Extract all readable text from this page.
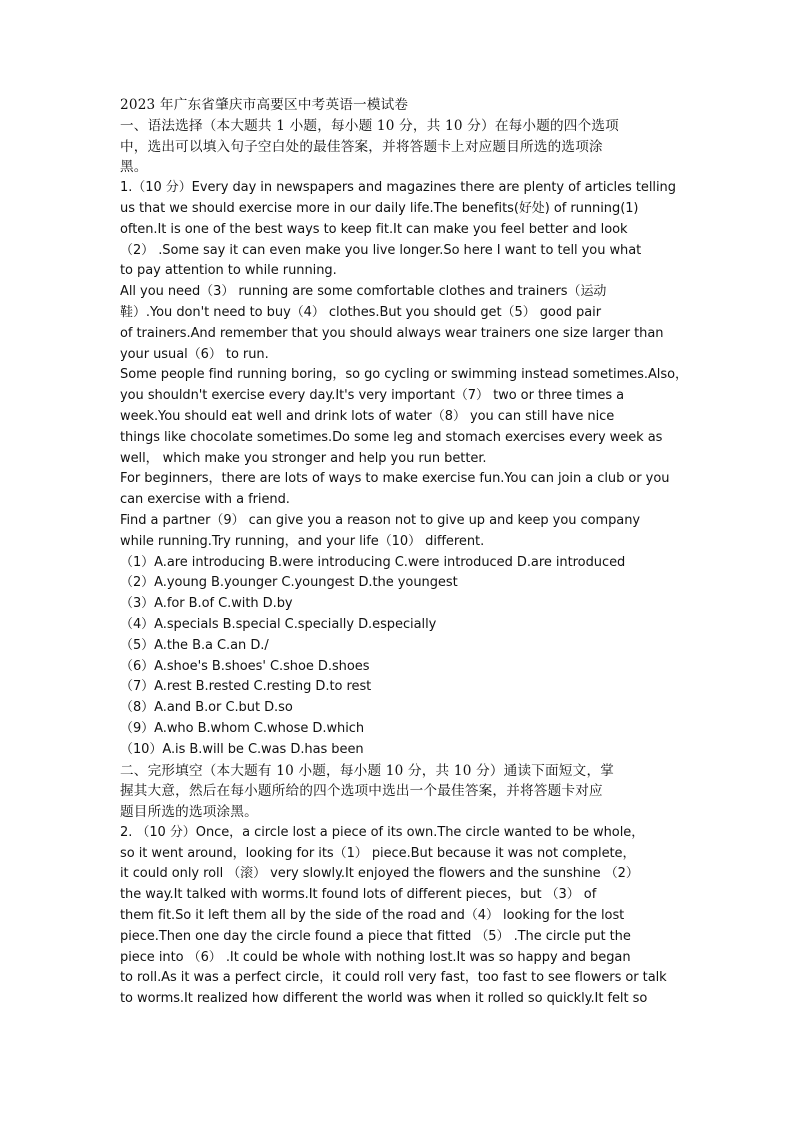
2023 年广东省肇庆市高要区中考英语一模试卷
一、语法选择（本大题共 1 小题，每小题 10 分，共 10 分）在每小题的四个选项
中，选出可以填入句子空白处的最佳答案，并将答题卡上对应题目所选的选项涂
黑。
1.（10 分）Every day in newspapers and magazines there are plenty of articles telling
us that we should exercise more in our daily life.The benefits(好处) of running(1)
often.It is one of the best ways to keep fit.It can make you feel better and look
（2） .Some say it can even make you live longer.So here I want to tell you what
to pay attention to while running.
All you need（3） running are some comfortable clothes and trainers（运动
鞋）.You don't need to buy（4） clothes.But you should get（5） good pair
of trainers.And remember that you should always wear trainers one size larger than
your usual（6） to run.
Some people find running boring，so go cycling or swimming instead sometimes.Also，
you shouldn't exercise every day.It's very important（7） two or three times a
week.You should eat well and drink lots of water（8） you can still have nice
things like chocolate sometimes.Do some leg and stomach exercises every week as
well， which make you stronger and help you run better.
For beginners，there are lots of ways to make exercise fun.You can join a club or you
can exercise with a friend.
Find a partner（9） can give you a reason not to give up and keep you company
while running.Try running，and your life（10） different.
（1）A.are introducing B.were introducing C.were introduced D.are introduced
（2）A.young B.younger C.youngest D.the youngest
（3）A.for B.of C.with D.by
（4）A.specials B.special C.specially D.especially
（5）A.the B.a C.an D./
（6）A.shoe's B.shoes' C.shoe D.shoes
（7）A.rest B.rested C.resting D.to rest
（8）A.and B.or C.but D.so
（9）A.who B.whom C.whose D.which
（10）A.is B.will be C.was D.has been
二、完形填空（本大题有 10 小题，每小题 10 分，共 10 分）通读下面短文，掌
握其大意，然后在每小题所给的四个选项中选出一个最佳答案，并将答题卡对应
题目所选的选项涂黑。
2. （10 分）Once，a circle lost a piece of its own.The circle wanted to be whole，
so it went around，looking for its（1） piece.But because it was not complete，
it could only roll （滚） very slowly.It enjoyed the flowers and the sunshine （2）
the way.It talked with worms.It found lots of different pieces，but （3） of
them fit.So it left them all by the side of the road and（4） looking for the lost
piece.Then one day the circle found a piece that fitted （5） .The circle put the
piece into （6） .It could be whole with nothing lost.It was so happy and began
to roll.As it was a perfect circle，it could roll very fast，too fast to see flowers or talk
to worms.It realized how different the world was when it rolled so quickly.It felt so
